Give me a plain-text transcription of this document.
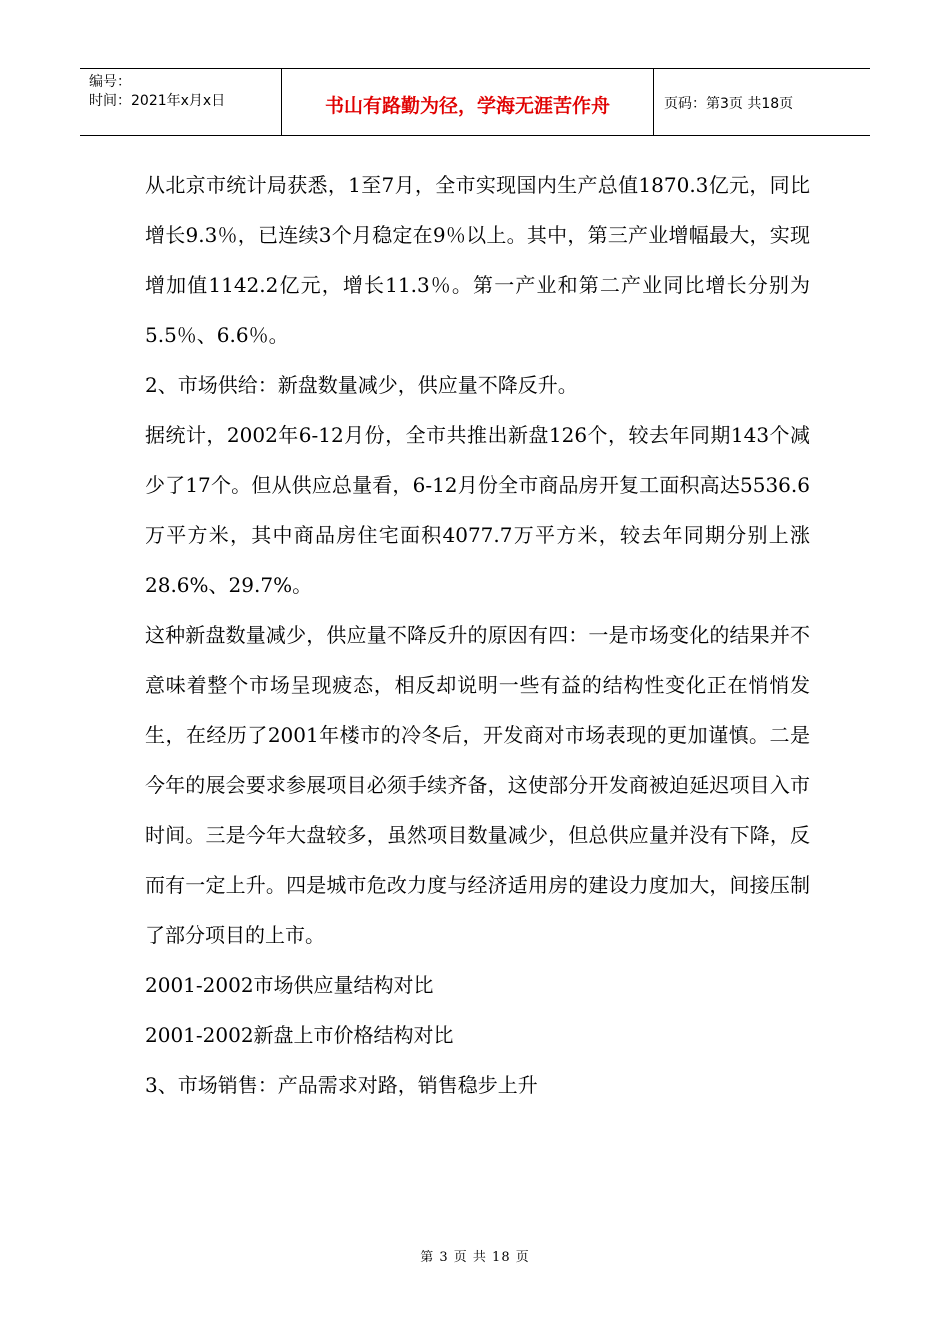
编号：
时间：2021年x月x日	书山有路勤为径，学海无涯苦作舟	页码：第3页 共18页

从北京市统计局获悉，1至7月，全市实现国内生产总值1870.3亿元，同比增长9.3％，已连续3个月稳定在9％以上。其中，第三产业增幅最大，实现增加值1142.2亿元，增长11.3％。第一产业和第二产业同比增长分别为5.5％、6.6％。

2、市场供给：新盘数量减少，供应量不降反升。

据统计，2002年6-12月份，全市共推出新盘126个，较去年同期143个减少了17个。但从供应总量看，6-12月份全市商品房开复工面积高达5536.6万平方米，其中商品房住宅面积4077.7万平方米，较去年同期分别上涨28.6%、29.7%。

这种新盘数量减少，供应量不降反升的原因有四：一是市场变化的结果并不意味着整个市场呈现疲态，相反却说明一些有益的结构性变化正在悄悄发生，在经历了2001年楼市的冷冬后，开发商对市场表现的更加谨慎。二是今年的展会要求参展项目必须手续齐备，这使部分开发商被迫延迟项目入市时间。三是今年大盘较多，虽然项目数量减少，但总供应量并没有下降，反而有一定上升。四是城市危改力度与经济适用房的建设力度加大，间接压制了部分项目的上市。

2001-2002市场供应量结构对比

2001-2002新盘上市价格结构对比

3、市场销售：产品需求对路，销售稳步上升

第 3 页 共 18 页
